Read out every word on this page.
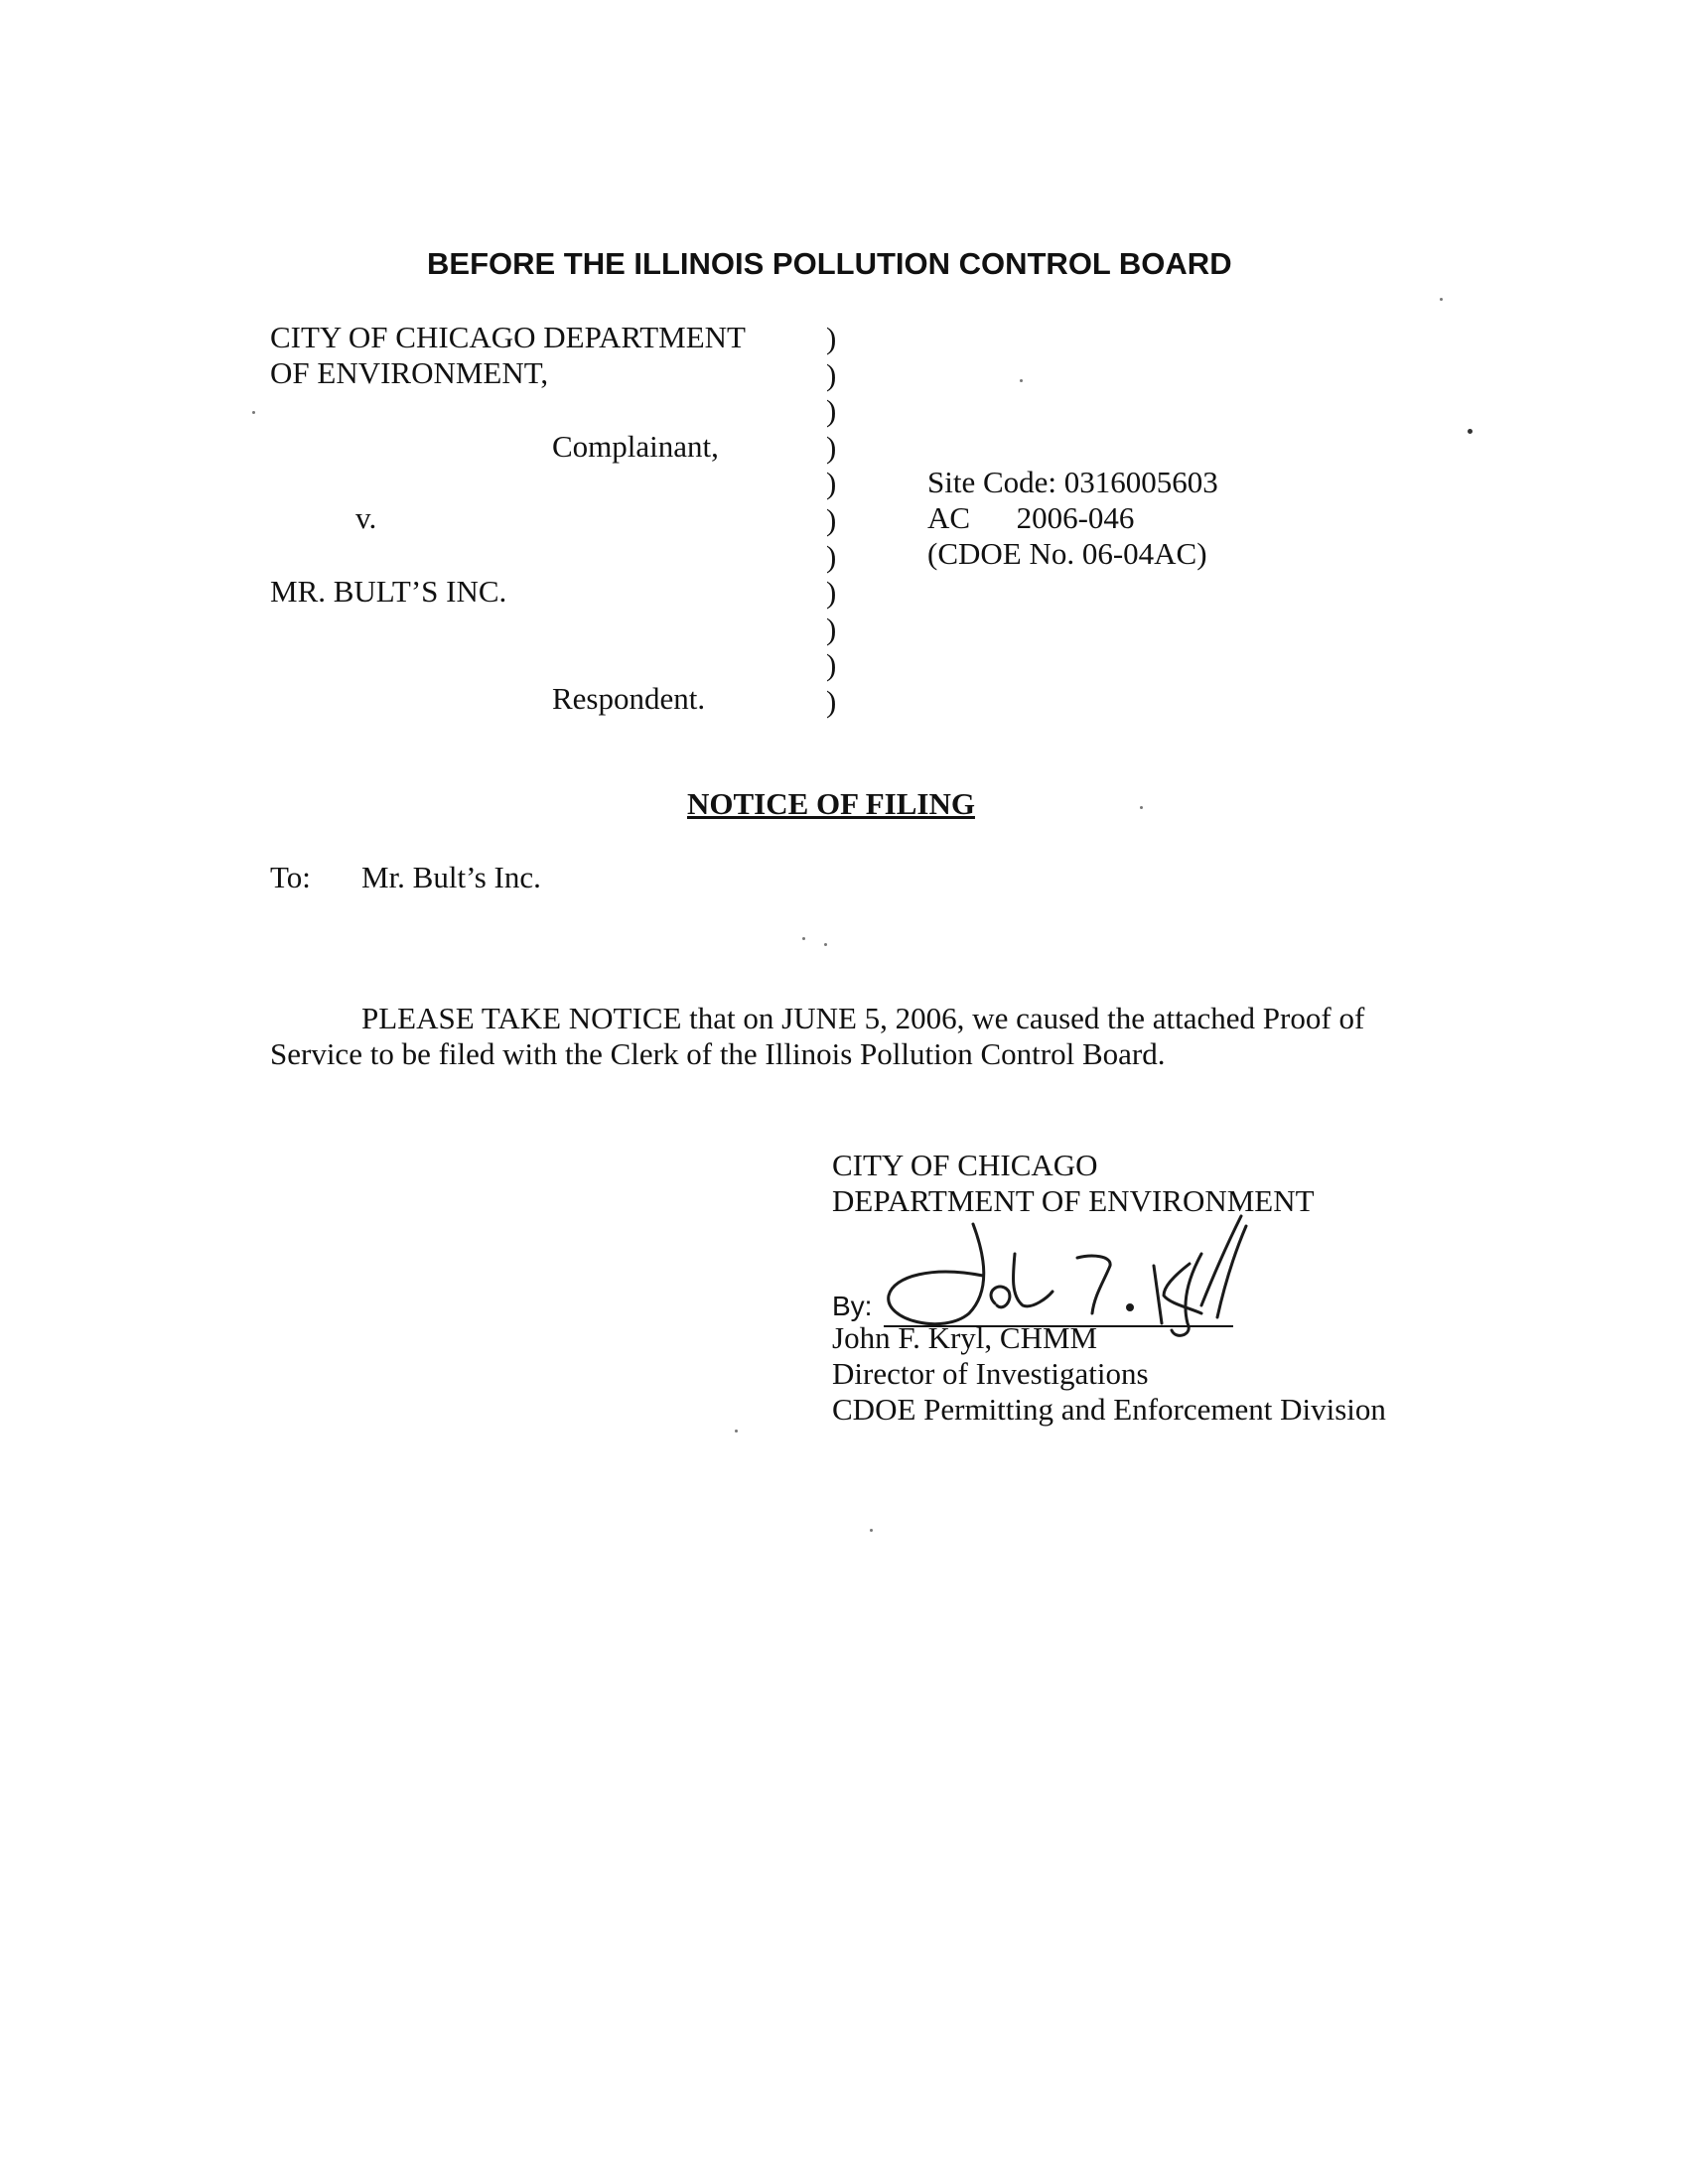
BEFORE THE ILLINOIS POLLUTION CONTROL BOARD
CITY OF CHICAGO DEPARTMENT
OF ENVIRONMENT,
Complainant,
v.
MR. BULT’S INC.
Respondent.
)
)
)
)
)
)
)
)
)
)
)
Site Code: 0316005603
AC      2006-046
(CDOE No. 06-04AC)
NOTICE OF FILING
To: Mr. Bult’s Inc.
PLEASE TAKE NOTICE that on JUNE 5, 2006, we caused the attached Proof of
Service to be filed with the Clerk of the Illinois Pollution Control Board.
CITY OF CHICAGO
DEPARTMENT OF ENVIRONMENT
By:
John F. Kryl, CHMM
Director of Investigations
CDOE Permitting and Enforcement Division
